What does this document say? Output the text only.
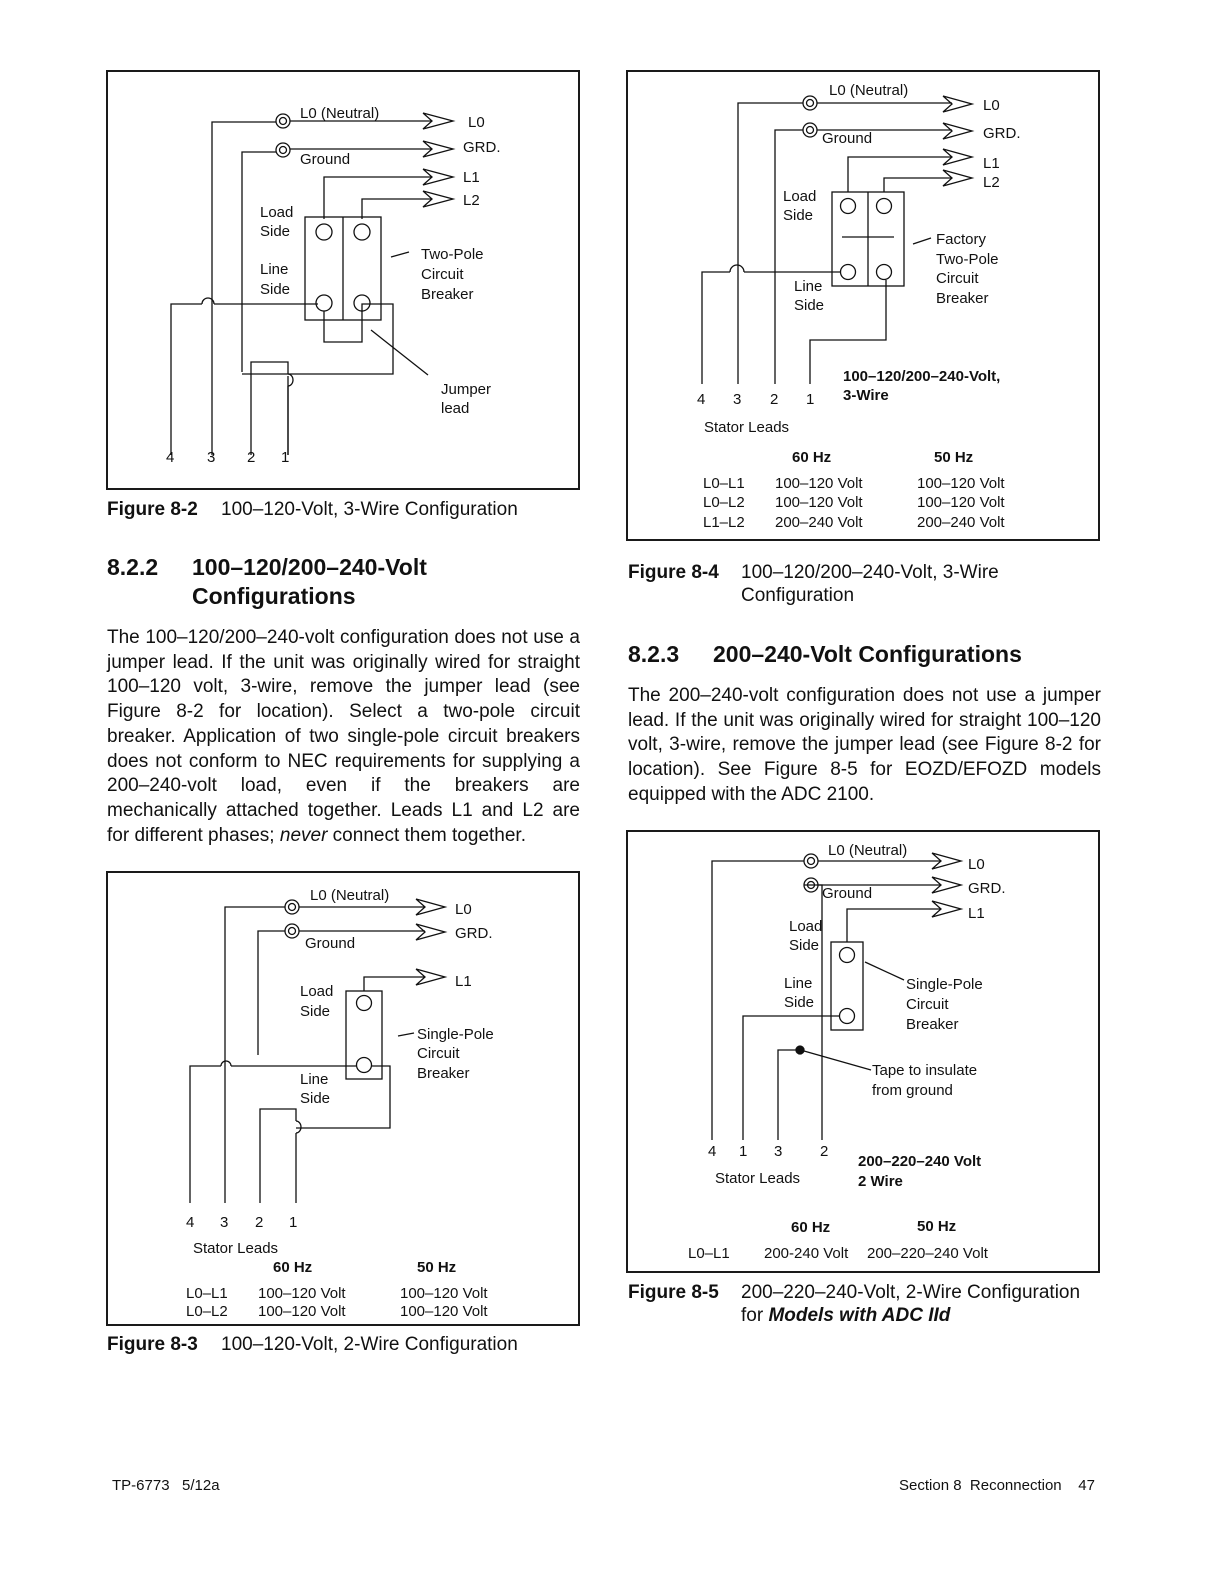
L0 (Neutral)
Ground
L0
GRD.
L1
L2
Load
Side
Line
Side
Two-Pole
Circuit
Breaker
Jumper
lead
4 3 2 1
Figure 8-2 100–120-Volt, 3-Wire Configuration
8.2.2 100–120/200–240-Volt
Configurations

The 100–120/200–240-volt configuration does not use a jumper lead. If the unit was originally wired for straight 100–120 volt, 3-wire, remove the jumper lead (see Figure 8-2 for location). Select a two-pole circuit breaker. Application of two single-pole circuit breakers does not conform to NEC requirements for supplying a 200–240-volt load, even if the breakers are mechanically attached together. Leads L1 and L2 are for different phases; never connect them together.

L0 (Neutral)
Ground
L0
GRD.
L1
Load
Side
Line
Side
Single-Pole
Circuit
Breaker
4 3 2 1
Stator Leads
60 Hz	50 Hz
L0–L1 100–120 Volt	100–120 Volt
L0–L2 100–120 Volt	100–120 Volt
Figure 8-3 100–120-Volt, 2-Wire Configuration
L0 (Neutral)
Ground
L0
GRD.
L1
L2
Load
Side
Line
Side
Factory
Two-Pole
Circuit
Breaker
100–120/200–240-Volt,
3-Wire
4 3 2 1
Stator Leads
60 Hz	50 Hz
L0–L1 100–120 Volt	100–120 Volt
L0–L2 100–120 Volt	100–120 Volt
L1–L2 200–240 Volt	200–240 Volt
Figure 8-4 100–120/200–240-Volt, 3-Wire
Configuration
8.2.3 200–240-Volt Configurations

The 200–240-volt configuration does not use a jumper lead. If the unit was originally wired for straight 100–120 volt, 3-wire, remove the jumper lead (see Figure 8-2 for location). See Figure 8-5 for EOZD/EFOZD models equipped with the ADC 2100.

L0 (Neutral)
Ground
L0
GRD.
L1
Load
Side
Line
Side
Single-Pole
Circuit
Breaker
Tape to insulate
from ground
4 1 3	2
Stator Leads
200–220–240 Volt
2 Wire
60 Hz	50 Hz
L0–L1 200-240 Volt 200–220–240 Volt
Figure 8-5 200–220–240-Volt, 2-Wire Configuration
for Models with ADC IId
TP-6773   5/12a	Section 8  Reconnection    47
